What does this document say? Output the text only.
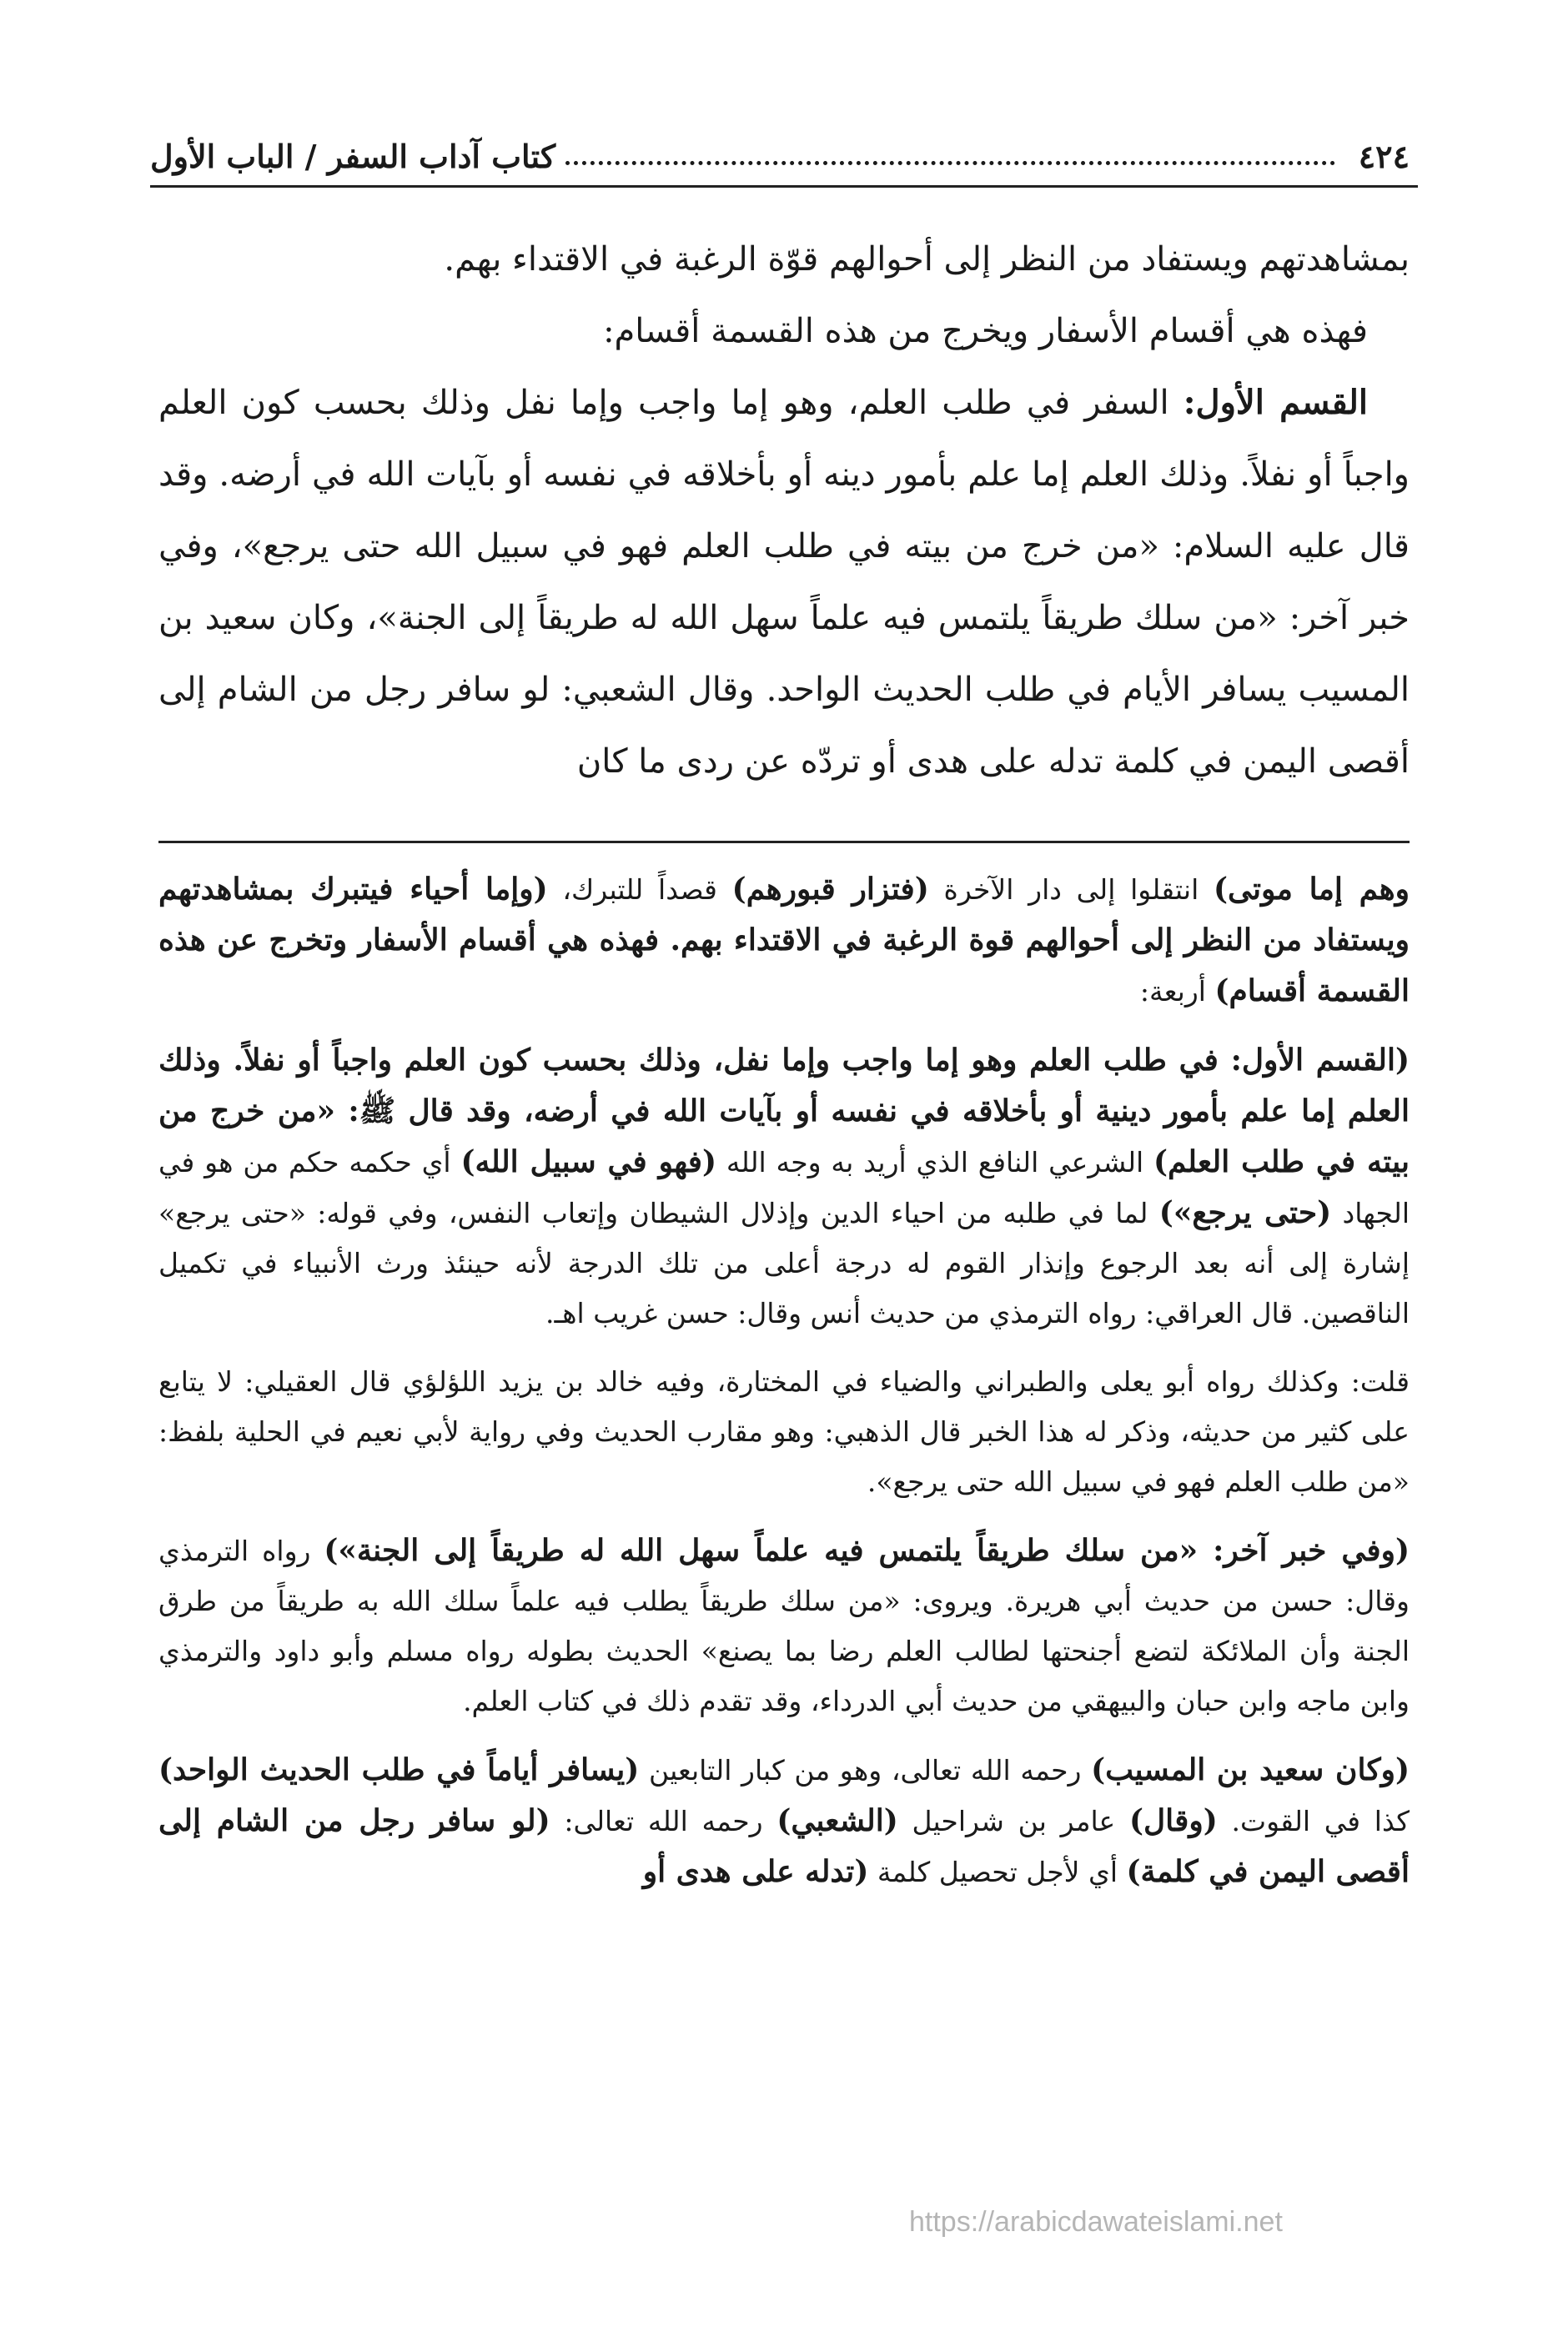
٤٢٤
كتاب آداب السفر / الباب الأول

بمشاهدتهم ويستفاد من النظر إلى أحوالهم قوّة الرغبة في الاقتداء بهم.

فهذه هي أقسام الأسفار ويخرج من هذه القسمة أقسام:

القسم الأول: السفر في طلب العلم، وهو إما واجب وإما نفل وذلك بحسب كون العلم واجباً أو نفلاً. وذلك العلم إما علم بأمور دينه أو بأخلاقه في نفسه أو بآيات الله في أرضه. وقد قال عليه السلام: «من خرج من بيته في طلب العلم فهو في سبيل الله حتى يرجع»، وفي خبر آخر: «من سلك طريقاً يلتمس فيه علماً سهل الله له طريقاً إلى الجنة»، وكان سعيد بن المسيب يسافر الأيام في طلب الحديث الواحد. وقال الشعبي: لو سافر رجل من الشام إلى أقصى اليمن في كلمة تدله على هدى أو تردّه عن ردى ما كان

وهم إما موتى) انتقلوا إلى دار الآخرة (فتزار قبورهم) قصداً للتبرك، (وإما أحياء فيتبرك بمشاهدتهم ويستفاد من النظر إلى أحوالهم قوة الرغبة في الاقتداء بهم. فهذه هي أقسام الأسفار وتخرج عن هذه القسمة أقسام) أربعة:

(القسم الأول: في طلب العلم وهو إما واجب وإما نفل، وذلك بحسب كون العلم واجباً أو نفلاً. وذلك العلم إما علم بأمور دينية أو بأخلاقه في نفسه أو بآيات الله في أرضه، وقد قال ﷺ: «من خرج من بيته في طلب العلم) الشرعي النافع الذي أريد به وجه الله (فهو في سبيل الله) أي حكمه حكم من هو في الجهاد (حتى يرجع») لما في طلبه من احياء الدين وإذلال الشيطان وإتعاب النفس، وفي قوله: «حتى يرجع» إشارة إلى أنه بعد الرجوع وإنذار القوم له درجة أعلى من تلك الدرجة لأنه حينئذ ورث الأنبياء في تكميل الناقصين. قال العراقي: رواه الترمذي من حديث أنس وقال: حسن غريب اهـ.

قلت: وكذلك رواه أبو يعلى والطبراني والضياء في المختارة، وفيه خالد بن يزيد اللؤلؤي قال العقيلي: لا يتابع على كثير من حديثه، وذكر له هذا الخبر قال الذهبي: وهو مقارب الحديث وفي رواية لأبي نعيم في الحلية بلفظ: «من طلب العلم فهو في سبيل الله حتى يرجع».

(وفي خبر آخر: «من سلك طريقاً يلتمس فيه علماً سهل الله له طريقاً إلى الجنة») رواه الترمذي وقال: حسن من حديث أبي هريرة. ويروى: «من سلك طريقاً يطلب فيه علماً سلك الله به طريقاً من طرق الجنة وأن الملائكة لتضع أجنحتها لطالب العلم رضا بما يصنع» الحديث بطوله رواه مسلم وأبو داود والترمذي وابن ماجه وابن حبان والبيهقي من حديث أبي الدرداء، وقد تقدم ذلك في كتاب العلم.

(وكان سعيد بن المسيب) رحمه الله تعالى، وهو من كبار التابعين (يسافر أياماً في طلب الحديث الواحد) كذا في القوت. (وقال) عامر بن شراحيل (الشعبي) رحمه الله تعالى: (لو سافر رجل من الشام إلى أقصى اليمن في كلمة) أي لأجل تحصيل كلمة (تدله على هدى أو

https://arabicdawateislami.net
